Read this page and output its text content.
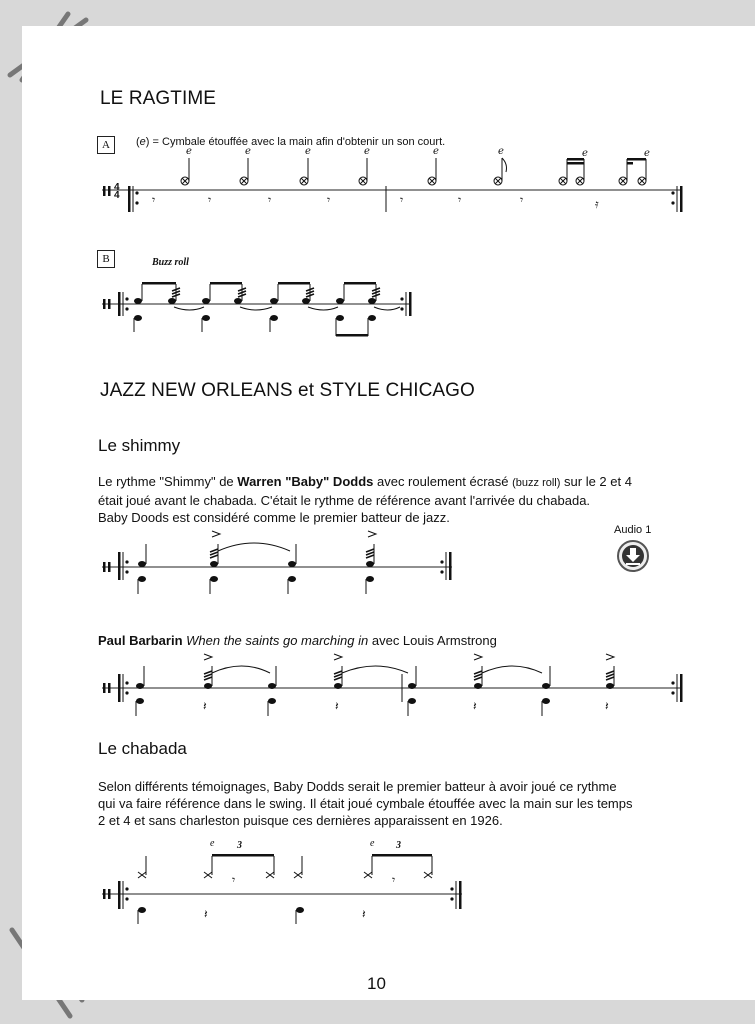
LE RAGTIME
A	(e) = Cymbale étouffée avec la main afin d'obtenir un son court.
𝄾	𝄾	𝄾	𝄾	𝄾	𝄾	𝄾	𝄿
e	e	e	e	e	e	e	e
4
4
B	Buzz roll
JAZZ NEW ORLEANS et STYLE CHICAGO
Le shimmy
Le rythme "Shimmy" de Warren "Baby" Dodds avec roulement écrasé (buzz roll) sur le 2 et 4
était joué avant le chabada. C'était le rythme de référence avant l'arrivée du chabada.
Baby Doods est considéré comme le premier batteur de jazz.
Audio 1
Paul Barbarin When the saints go marching in avec Louis Armstrong
𝄽	𝄽	𝄽	𝄽
Le chabada
Selon différents témoignages, Baby Dodds serait le premier batteur à avoir joué ce rythme
qui va faire référence dans le swing. Il était joué cymbale étouffée avec la main sur les temps
2 et 4 et sans charleston puisque ces dernières apparaissent en 1926.
𝄾	𝄾
𝄽	𝄽
e 3	e 3
10
